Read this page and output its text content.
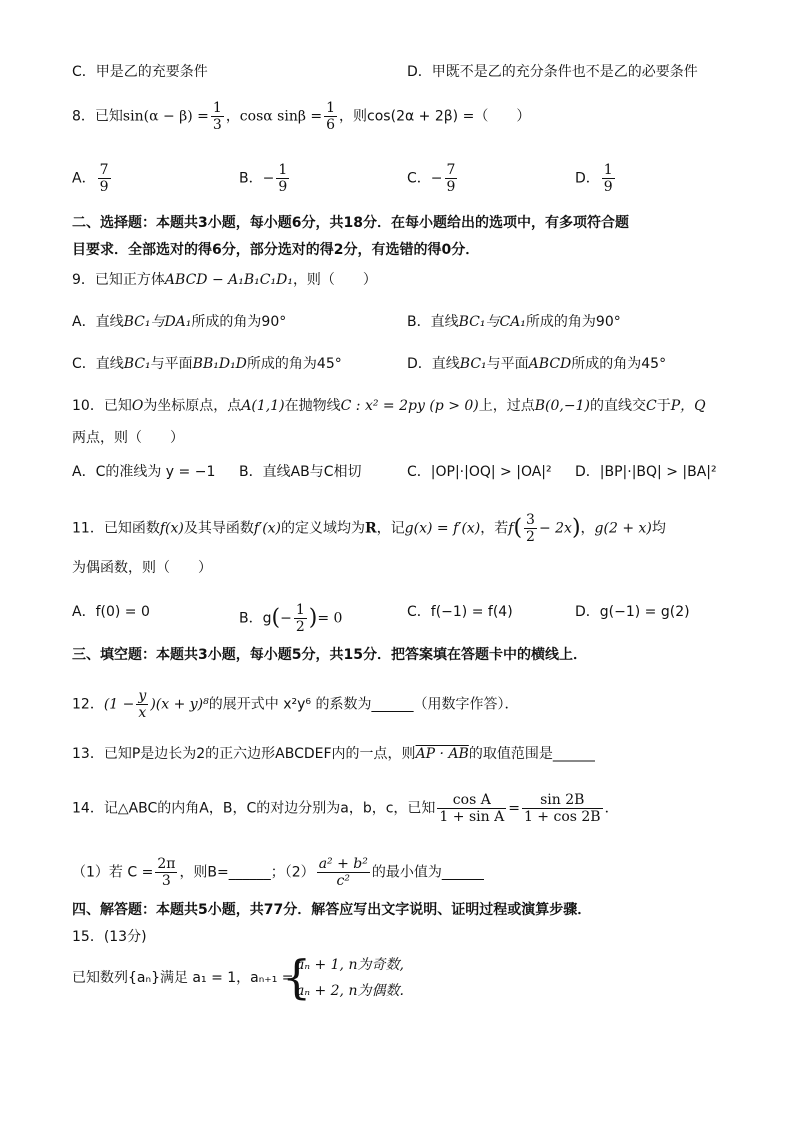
C．甲是乙的充要条件	D．甲既不是乙的充分条件也不是乙的必要条件
8．已知$\sin(\alpha - \beta) = \frac{1}{3}$ ，cosα $\sin\beta = \frac{1}{6}$ ，则cos(2α + 2β) =（　　）
A． $\frac{7}{9}$	B．− $\frac{1}{9}$	C．− $\frac{7}{9}$	D． $\frac{1}{9}$
二、选择题：本题共3小题，每小题6分，共18分．在每小题给出的选项中，有多项符合题
目要求．全部选对的得6分，部分选对的得2分，有选错的得0分．
9．已知正方体ABCD − A₁B₁C₁D₁，则（　　）
A．直线BC₁与DA₁所成的角为90°	B．直线BC₁与CA₁所成的角为90°
C．直线BC₁与平面BB₁D₁D所成的角为45°	D．直线BC₁与平面ABCD所成的角为45°
10．已知O为坐标原点，点A(1,1)在抛物线C : x² = 2py (p > 0)上，过点B(0,−1)的直线交C于P，Q
两点，则（　　）
A．C的准线为 y = −1 B．直线AB与C相切	C．|OP|·|OQ| > |OA|² D．|BP|·|BQ| > |BA|²
11．已知函数f(x)及其导函数f′(x)的定义域均为R，记g(x) = f′(x)，若$f( \frac{3}{2} - 2x)$，g(2 + x)均
为偶函数，则（　　）
A．f(0) = 0	B．$g(- \frac{1}{2}$ )= 0	C．f(−1) = f(4)	D．g(−1) = g(2)
三、填空题：本题共3小题，每小题5分，共15分．把答案填在答题卡中的横线上．
12．$(1 - \frac{y}{x} )(x + y)^8$的展开式中 x²y⁶ 的系数为______（用数字作答）．
13．已知P是边长为2的正六边形ABCDEF内的一点，则AP · AB的取值范围是______
14．记△ABC的内角A，B，C的对边分别为a，b，c，已知 $\frac{\text{cos A}}{\text{1 + sin A}} = \frac{\sin 2B}{1 + \cos 2B}$ ．
（1）若 $C = \frac{2\pi}{3}$ ，则B=______；$(2) \frac{\text{a² + b²}}{\text{c²}}$ 的最小值为______
四、解答题：本题共5小题，共77分．解答应写出文字说明、证明过程或演算步骤．
15．(13分)
已知数列{aₙ}满足 a₁ = 1，aₙ₊₁ =
{
aₙ + 1, n为奇数,
aₙ + 2, n为偶数.
